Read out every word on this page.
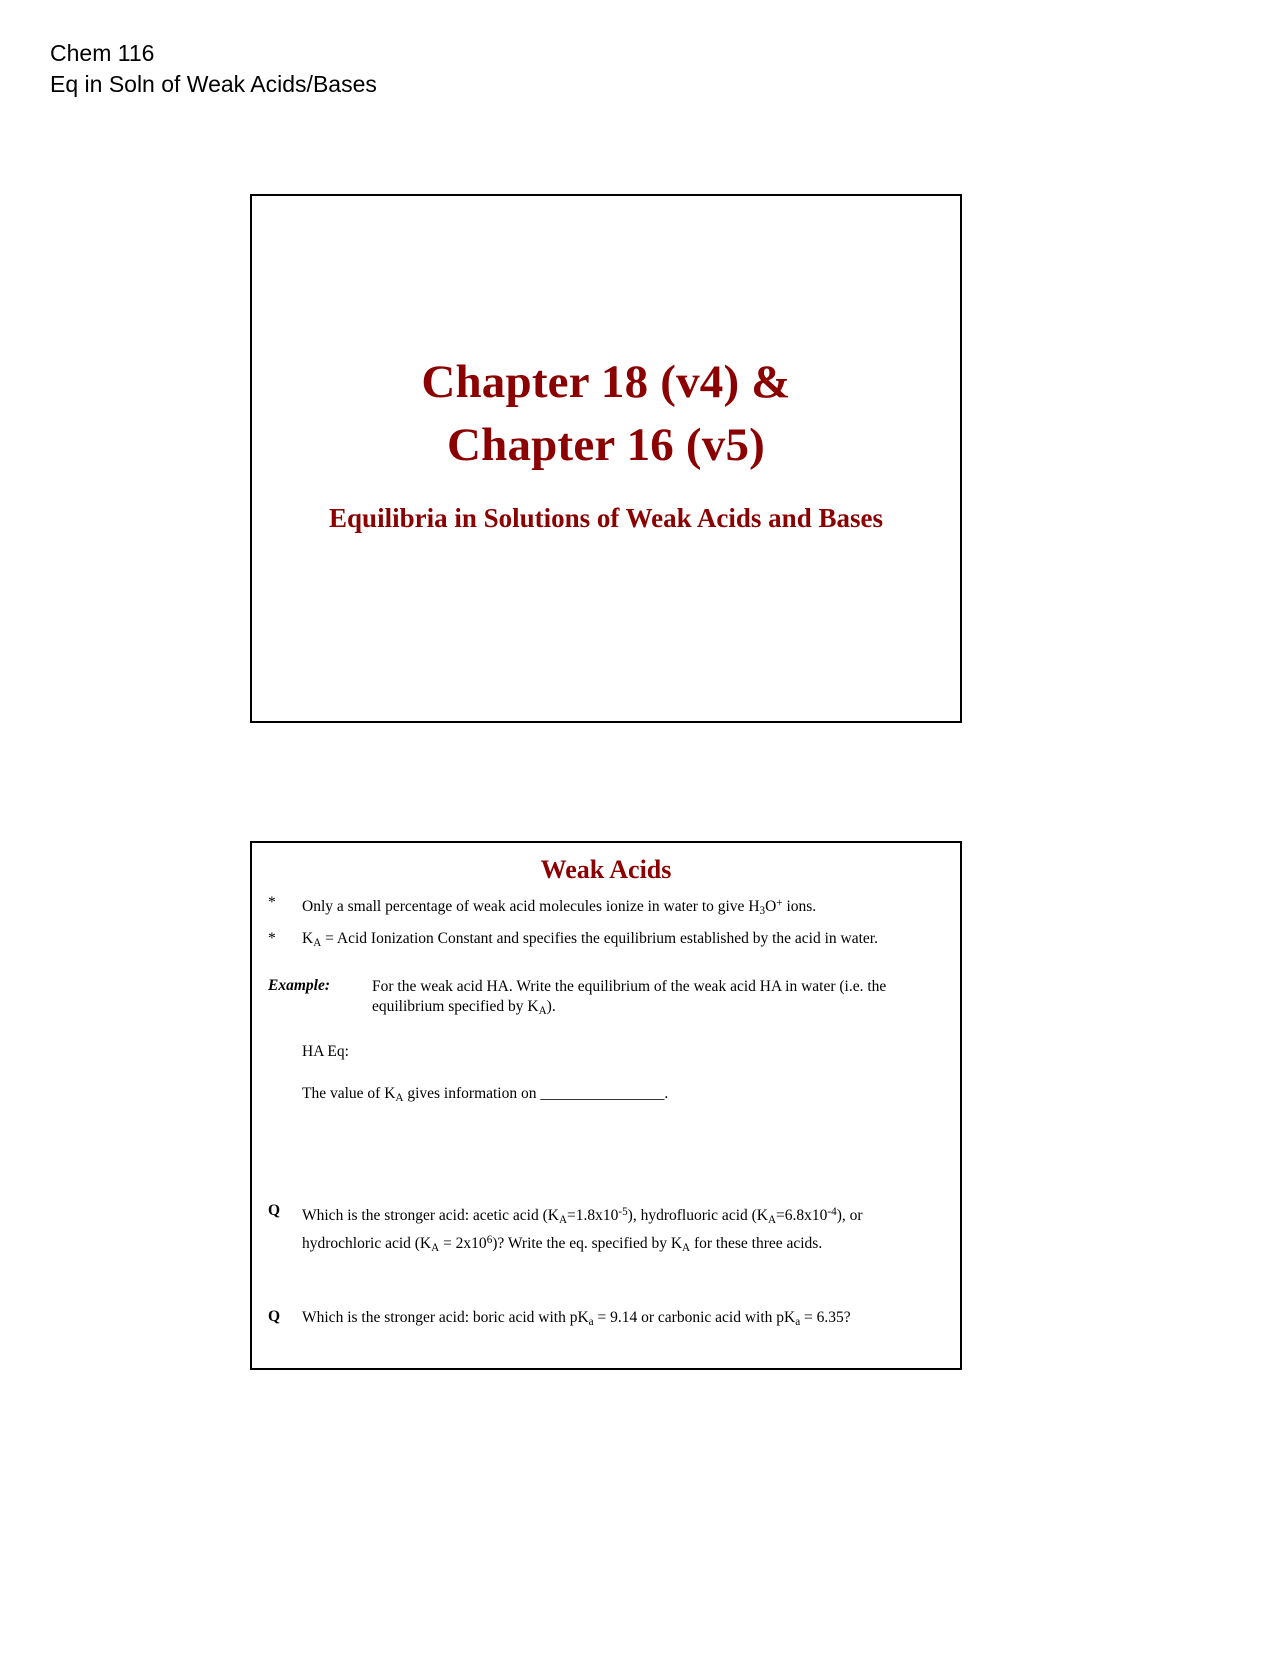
Chem 116
Eq in Soln of Weak Acids/Bases
Chapter 18 (v4) &
Chapter 16 (v5)
Equilibria in Solutions of Weak Acids and Bases
Weak Acids
*	Only a small percentage of weak acid molecules ionize in water to give $H_3O^+$ ions.
*	$K_A$ = Acid Ionization Constant and specifies the equilibrium established by the acid in water.
Example:	For the weak acid HA. Write the equilibrium of the weak acid HA in water (i.e. the equilibrium specified by $K_A$).
HA Eq:
The value of $K_A$ gives information on ________________.
Q	Which is the stronger acid: acetic acid $(K_A=1.8x10^{-5})$, hydrofluoric acid $(K_A=6.8x10^{-4})$, or hydrochloric acid $(K_A = 2x10^6)$? Write the eq. specified by $K_A$ for these three acids.
Q	Which is the stronger acid: boric acid with $pK_a = 9.14$ or carbonic acid with $pK_a = 6.35$?
